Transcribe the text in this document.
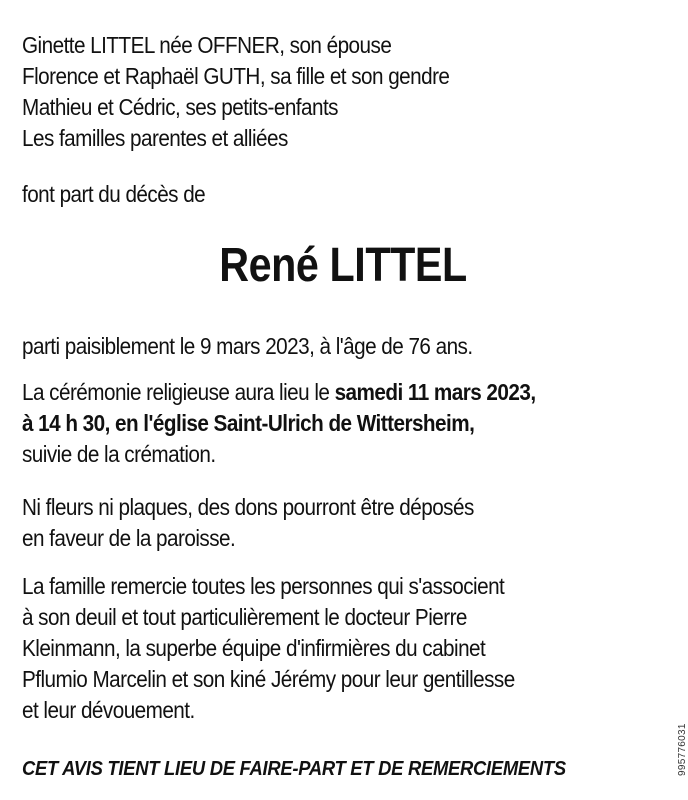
Ginette LITTEL née OFFNER, son épouse
Florence et Raphaël GUTH, sa fille et son gendre
Mathieu et Cédric, ses petits-enfants
Les familles parentes et alliées
font part du décès de
René LITTEL
parti paisiblement le 9 mars 2023, à l'âge de 76 ans.
La cérémonie religieuse aura lieu le samedi 11 mars 2023,
à 14 h 30, en l'église Saint-Ulrich de Wittersheim,
suivie de la crémation.
Ni fleurs ni plaques, des dons pourront être déposés
en faveur de la paroisse.
La famille remercie toutes les personnes qui s'associent
à son deuil et tout particulièrement le docteur Pierre
Kleinmann, la superbe équipe d'infirmières du cabinet
Pflumio Marcelin et son kiné Jérémy pour leur gentillesse
et leur dévouement.
CET AVIS TIENT LIEU DE FAIRE-PART ET DE REMERCIEMENTS	995776031
